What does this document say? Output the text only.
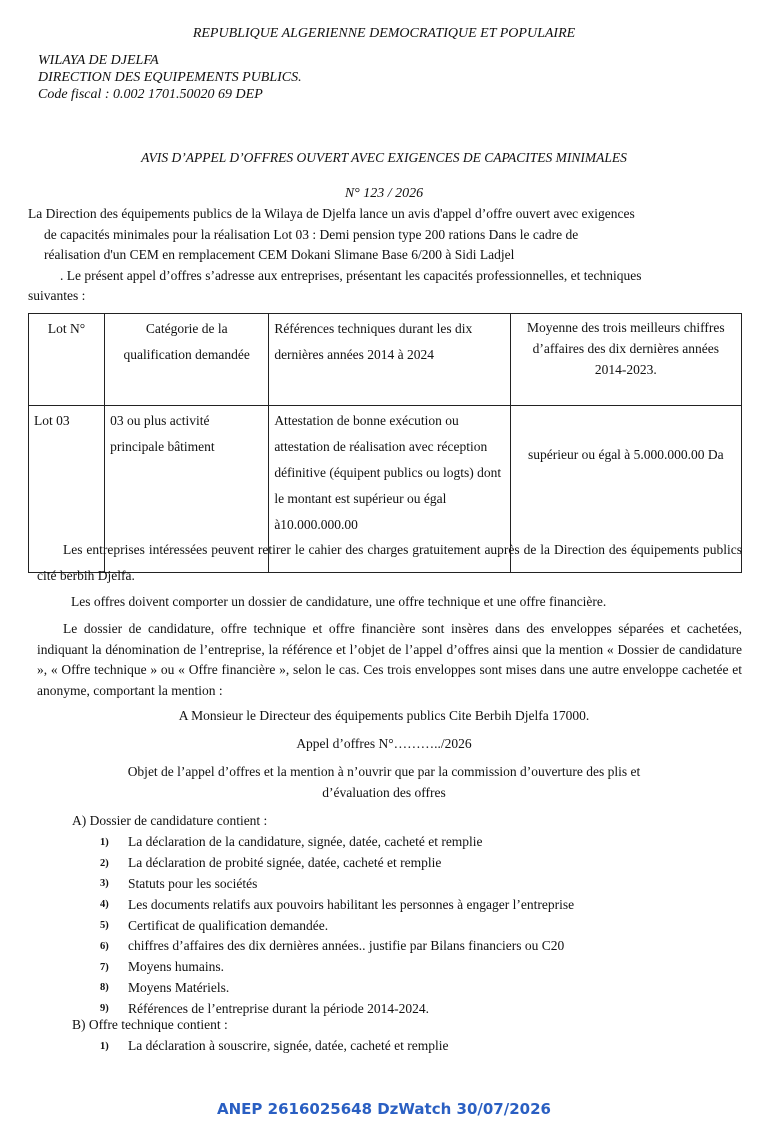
REPUBLIQUE ALGERIENNE DEMOCRATIQUE ET POPULAIRE
WILAYA DE DJELFA
DIRECTION DES EQUIPEMENTS PUBLICS.
Code fiscal : 0.002 1701.50020 69 DEP
AVIS D’APPEL D’OFFRES OUVERT AVEC EXIGENCES DE CAPACITES MINIMALES
N° 123 / 2026
La Direction des équipements publics de la Wilaya de Djelfa lance un avis d'appel d’offre ouvert avec exigences
de capacités minimales pour la réalisation Lot 03 : Demi pension type 200 rations Dans le cadre de
réalisation d'un CEM en remplacement CEM Dokani Slimane Base 6/200 à Sidi Ladjel
. Le présent appel d’offres s’adresse aux entreprises, présentant les capacités professionnelles, et techniques
suivantes :
Lot N°	Catégorie de la qualification demandée	Références techniques durant les dix dernières années 2014 à 2024	Moyenne des trois meilleurs chiffres d’affaires des dix dernières années 2014-2023.
Lot 03	03 ou plus activité principale bâtiment	Attestation de bonne exécution ou attestation de réalisation avec réception définitive (équipent publics ou logts) dont le montant est supérieur ou égal à10.000.000.00	supérieur ou égal à 5.000.000.00 Da

Les entreprises intéressées peuvent retirer le cahier des charges gratuitement auprès de la Direction des équipements publics cité berbih Djelfa.

Les offres doivent comporter un dossier de candidature, une offre technique et une offre financière.

Le dossier de candidature, offre technique et offre financière sont insères dans des enveloppes séparées et cachetées, indiquant la dénomination de l’entreprise, la référence et l’objet de l’appel d’offres ainsi que la mention « Dossier de candidature », « Offre technique » ou « Offre financière », selon le cas. Ces trois enveloppes sont mises dans une autre enveloppe cachetée et anonyme, comportant la mention :

A Monsieur le Directeur des équipements publics Cite Berbih Djelfa 17000.
Appel d’offres N°………../2026
Objet de l’appel d’offres et la mention à n’ouvrir que par la commission d’ouverture des plis et
d’évaluation des offres
A) Dossier de candidature contient :
1)	La déclaration de la candidature, signée, datée, cacheté et remplie
2)	La déclaration de probité signée, datée, cacheté et remplie
3)	Statuts pour les sociétés
4)	Les documents relatifs aux pouvoirs habilitant les personnes à engager l’entreprise
5)	Certificat de qualification demandée.
6)	chiffres d’affaires des dix dernières années.. justifie par Bilans financiers ou C20
7)	Moyens humains.
8)	Moyens Matériels.
9)	Références de l’entreprise durant la période 2014-2024.
B) Offre technique contient :
1)	La déclaration à souscrire, signée, datée, cacheté et remplie
ANEP 2616025648 DzWatch 30/07/2026
